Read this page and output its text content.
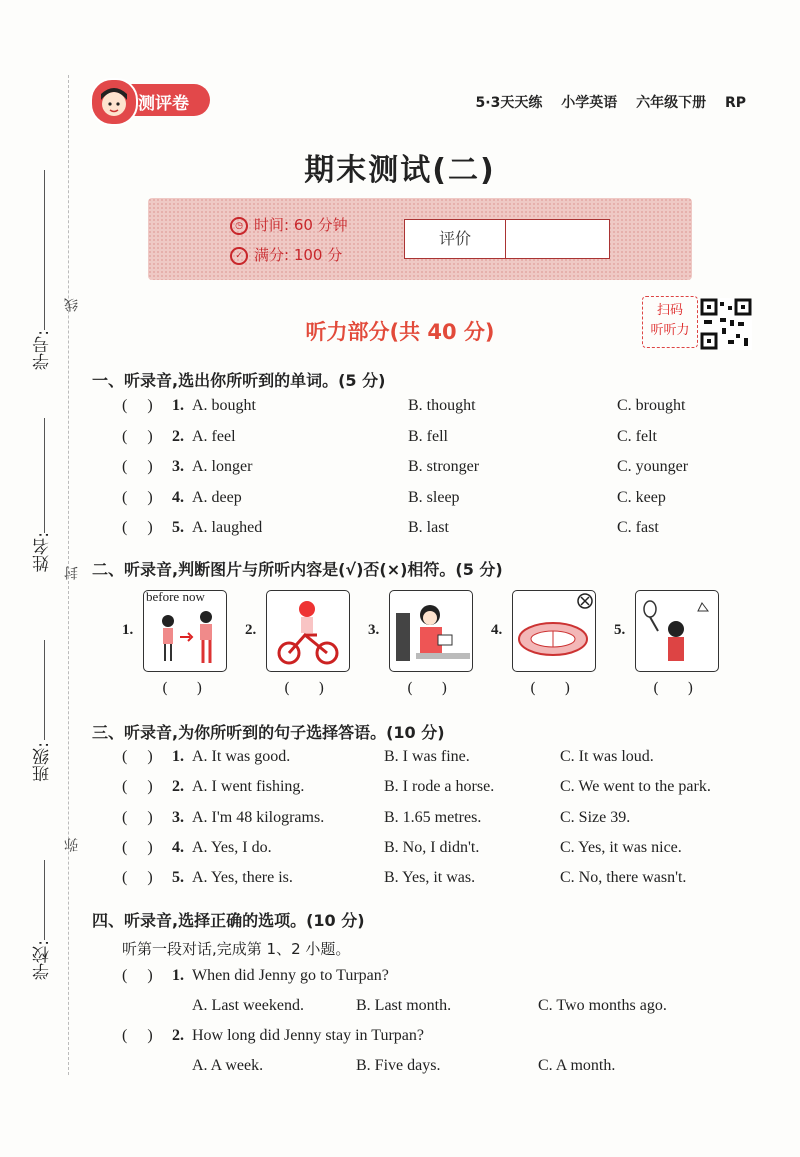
学号:
线
姓名:
封
班级:
弥
学校:
测评卷	5·3天天练 小学英语 六年级下册 RP
期末测试(二)
◷ 时间: 60 分钟
✓ 满分: 100 分
评价
听力部分(共 40 分)
扫码
听听力
一、听录音,选出你所听到的单词。(5 分)
(     ) 1. A. bought	B. thought	C. brought
(     ) 2. A. feel	B. fell	C. felt
(     ) 3. A. longer	B. stronger	C. younger
(     ) 4. A. deep	B. sleep	C. keep
(     ) 5. A. laughed	B. last	C. fast
二、听录音,判断图片与所听内容是(√)否(×)相符。(5 分)
1.
before now
2.	3.	4.	5.
(      )	(      )	(      )	(      )	(      )
三、听录音,为你所听到的句子选择答语。(10 分)
(     ) 1. A. It was good.	B. I was fine.	C. It was loud.
(     ) 2. A. I went fishing.	B. I rode a horse.	C. We went to the park.
(     ) 3. A. I'm 48 kilograms.	B. 1.65 metres.	C. Size 39.
(     ) 4. A. Yes, I do.	B. No, I didn't.	C. Yes, it was nice.
(     ) 5. A. Yes, there is.	B. Yes, it was.	C. No, there wasn't.
四、听录音,选择正确的选项。(10 分)
听第一段对话,完成第 1、2 小题。
(     ) 1. When did Jenny go to Turpan?
A. Last weekend.	B. Last month.	C. Two months ago.
(     ) 2. How long did Jenny stay in Turpan?
A. A week.	B. Five days.	C. A month.
